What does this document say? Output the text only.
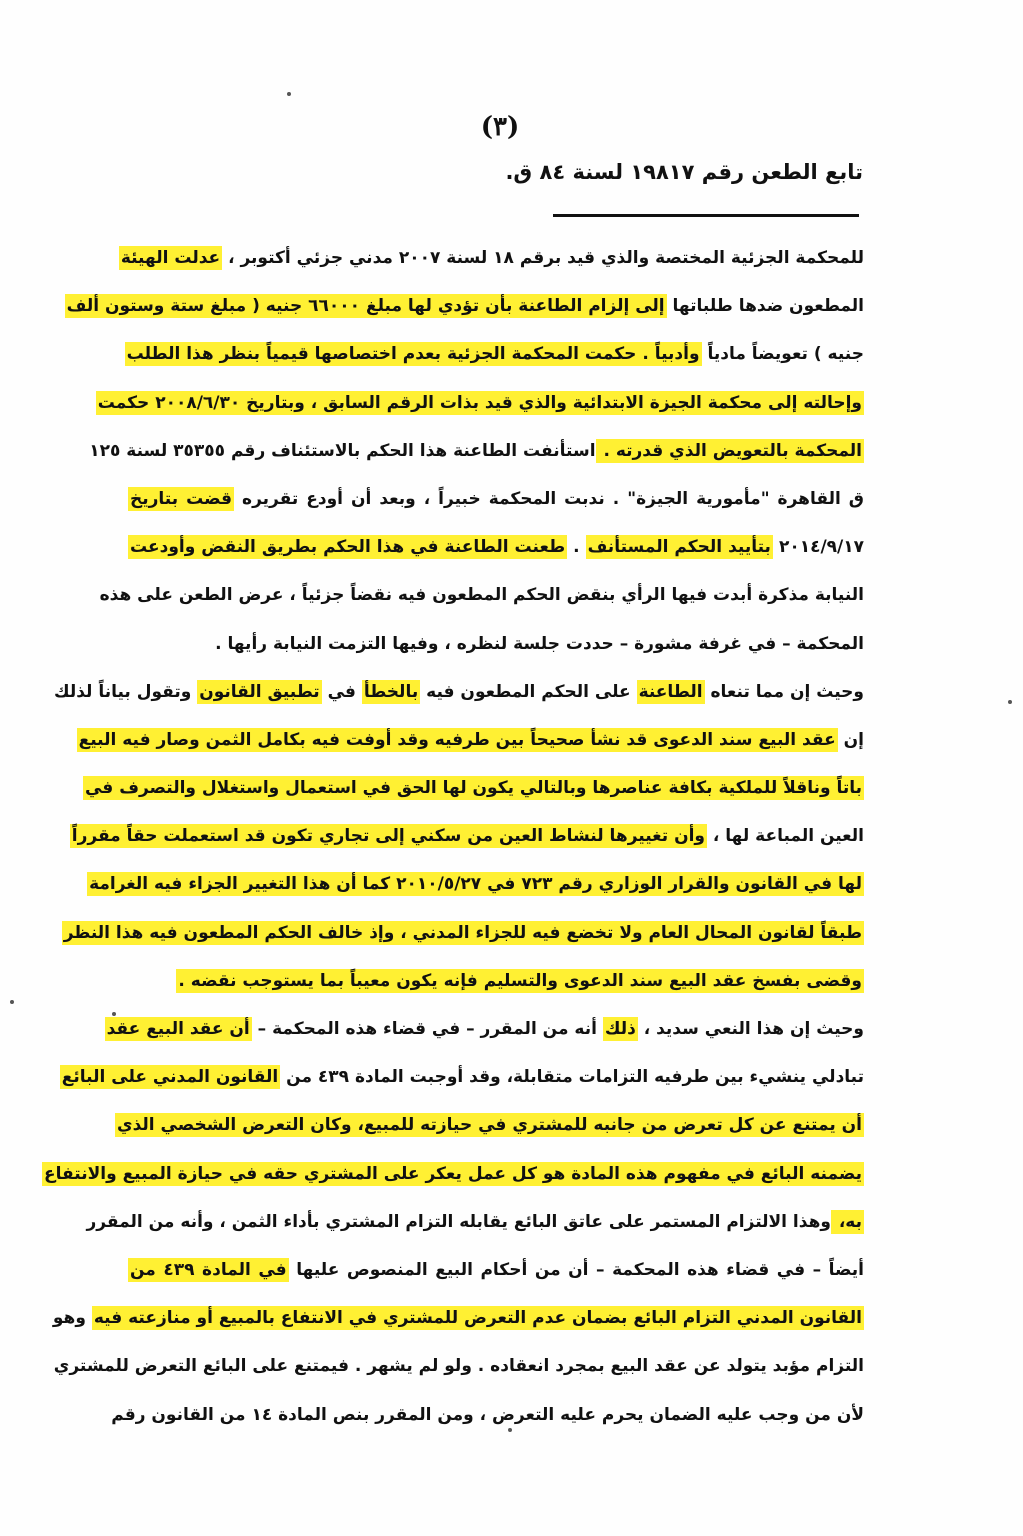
(٣)
تابع الطعن رقم ١٩٨١٧ لسنة ٨٤ ق.
للمحكمة الجزئية المختصة والذي قيد برقم ١٨ لسنة ٢٠٠٧ مدني جزئي أكتوبر ، عدلت الهيئة
المطعون ضدها طلباتها إلى إلزام الطاعنة بأن تؤدي لها مبلغ ٦٦٠٠٠ جنيه ( مبلغ ستة وستون ألف
جنيه ) تعويضاً مادياً وأدبياً . حكمت المحكمة الجزئية بعدم اختصاصها قيمياً بنظر هذا الطلب
وإحالته إلى محكمة الجيزة الابتدائية والذي قيد بذات الرقم السابق ، وبتاريخ ٢٠٠٨/٦/٣٠ حكمت
المحكمة بالتعويض الذي قدرته . استأنفت الطاعنة هذا الحكم بالاستئناف رقم ٣٥٣٥٥ لسنة ١٢٥
ق القاهرة "مأمورية الجيزة" . ندبت المحكمة خبيراً ، وبعد أن أودع تقريره قضت بتاريخ
٢٠١٤/٩/١٧ بتأييد الحكم المستأنف . طعنت الطاعنة في هذا الحكم بطريق النقض وأودعت
النيابة مذكرة أبدت فيها الرأي بنقض الحكم المطعون فيه نقضاً جزئياً ، عرض الطعن على هذه
المحكمة – في غرفة مشورة – حددت جلسة لنظره ، وفيها التزمت النيابة رأيها .
وحيث إن مما تنعاه الطاعنة على الحكم المطعون فيه بالخطأ في تطبيق القانون وتقول بياناً لذلك
إن عقد البيع سند الدعوى قد نشأ صحيحاً بين طرفيه وقد أوفت فيه بكامل الثمن وصار فيه البيع
باتاً وناقلاً للملكية بكافة عناصرها وبالتالي يكون لها الحق في استعمال واستغلال والتصرف في
العين المباعة لها ، وأن تغييرها لنشاط العين من سكني إلى تجاري تكون قد استعملت حقاً مقرراً
لها في القانون والقرار الوزاري رقم ٧٢٣ في ٢٠١٠/٥/٢٧ كما أن هذا التغيير الجزاء فيه الغرامة
طبقاً لقانون المحال العام ولا تخضع فيه للجزاء المدني ، وإذ خالف الحكم المطعون فيه هذا النظر
وقضى بفسخ عقد البيع سند الدعوى والتسليم فإنه يكون معيباً بما يستوجب نقضه .
وحيث إن هذا النعي سديد ، ذلك أنه من المقرر – في قضاء هذه المحكمة – أن عقد البيع عقد
تبادلي ينشيء بين طرفيه التزامات متقابلة، وقد أوجبت المادة ٤٣٩ من القانون المدني على البائع
أن يمتنع عن كل تعرض من جانبه للمشتري في حيازته للمبيع، وكان التعرض الشخصي الذي
يضمنه البائع في مفهوم هذه المادة هو كل عمل يعكر على المشتري حقه في حيازة المبيع والانتفاع
به، وهذا الالتزام المستمر على عاتق البائع يقابله التزام المشتري بأداء الثمن ، وأنه من المقرر
أيضاً – في قضاء هذه المحكمة – أن من أحكام البيع المنصوص عليها في المادة ٤٣٩ من
القانون المدني التزام البائع بضمان عدم التعرض للمشتري في الانتفاع بالمبيع أو منازعته فيه وهو
التزام مؤبد يتولد عن عقد البيع بمجرد انعقاده . ولو لم يشهر . فيمتنع على البائع التعرض للمشتري
لأن من وجب عليه الضمان يحرم عليه التعرض ، ومن المقرر بنص المادة ١٤ من القانون رقم
